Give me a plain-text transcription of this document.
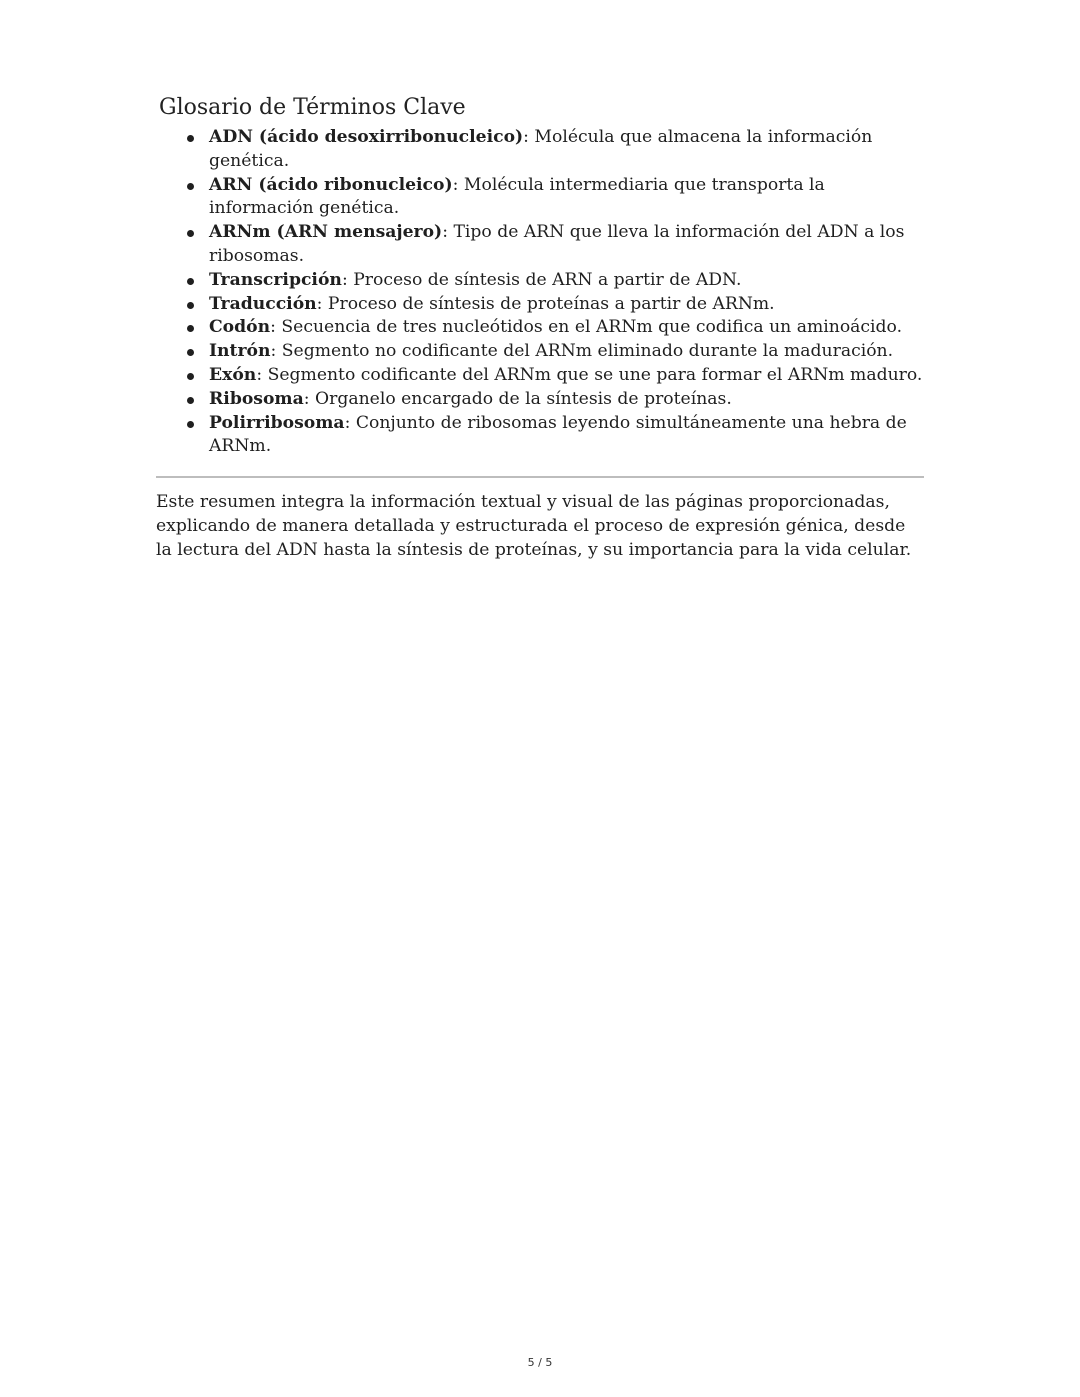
Glosario de Términos Clave
ADN (ácido desoxirribonucleico): Molécula que almacena la información genética.
ARN (ácido ribonucleico): Molécula intermediaria que transporta la información genética.
ARNm (ARN mensajero): Tipo de ARN que lleva la información del ADN a los ribosomas.
Transcripción: Proceso de síntesis de ARN a partir de ADN.
Traducción: Proceso de síntesis de proteínas a partir de ARNm.
Codón: Secuencia de tres nucleótidos en el ARNm que codifica un aminoácido.
Intrón: Segmento no codificante del ARNm eliminado durante la maduración.
Exón: Segmento codificante del ARNm que se une para formar el ARNm maduro.
Ribosoma: Organelo encargado de la síntesis de proteínas.
Polirribosoma: Conjunto de ribosomas leyendo simultáneamente una hebra de ARNm.

Este resumen integra la información textual y visual de las páginas proporcionadas, explicando de manera detallada y estructurada el proceso de expresión génica, desde la lectura del ADN hasta la síntesis de proteínas, y su importancia para la vida celular.

5 / 5
